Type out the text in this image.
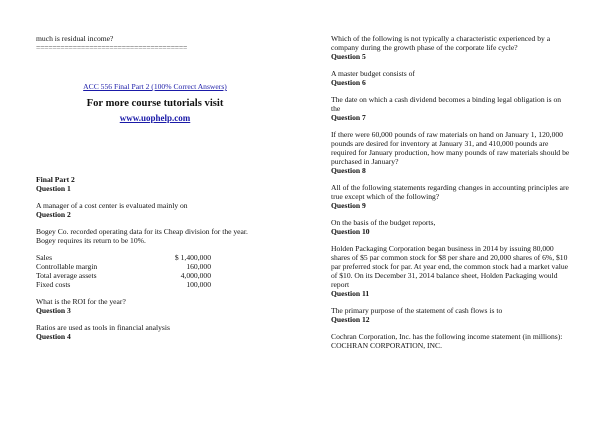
much is residual income?

=====================================

ACC 556 Final Part 2 (100% Correct Answers)

For more course tutorials visit

www.uophelp.com

Final Part 2

Question 1

A manager of a cost center is evaluated mainly on

Question 2

Bogey Co. recorded operating data for its Cheap division for the year.

Bogey requires its return to be 10%.

Sales	$ 1,400,000
Controllable margin	160,000
Total average assets	4,000,000
Fixed costs	100,000

What is the ROI for the year?

Question 3

Ratios are used as tools in financial analysis

Question 4

Which of the following is not typically a characteristic experienced by a company during the growth phase of the corporate life cycle?

Question 5

A master budget consists of

Question 6

The date on which a cash dividend becomes a binding legal obligation is on the

Question 7

If there were 60,000 pounds of raw materials on hand on January 1, 120,000 pounds are desired for inventory at January 31, and 410,000 pounds are required for January production, how many pounds of raw materials should be purchased in January?

Question 8

All of the following statements regarding changes in accounting principles are true except which of the following?

Question 9

On the basis of the budget reports,

Question 10

Holden Packaging Corporation began business in 2014 by issuing 80,000 shares of $5 par common stock for $8 per share and 20,000 shares of 6%, $10 par preferred stock for par. At year end, the common stock had a market value of $10. On its December 31, 2014 balance sheet, Holden Packaging would report

Question 11

The primary purpose of the statement of cash flows is to

Question 12

Cochran Corporation, Inc. has the following income statement (in millions):

COCHRAN CORPORATION, INC.
